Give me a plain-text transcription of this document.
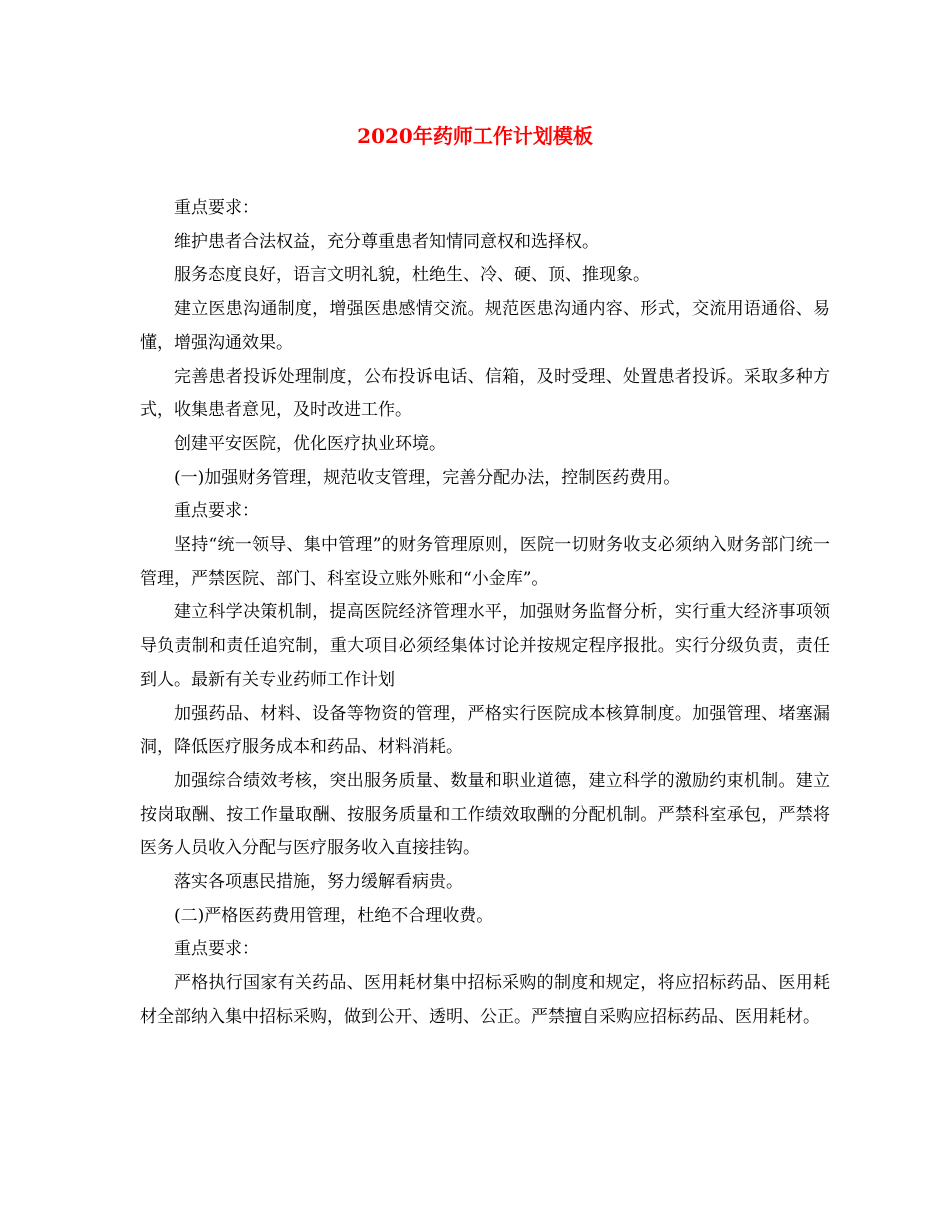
2020年药师工作计划模板

重点要求：

维护患者合法权益，充分尊重患者知情同意权和选择权。

服务态度良好，语言文明礼貌，杜绝生、冷、硬、顶、推现象。

建立医患沟通制度，增强医患感情交流。规范医患沟通内容、形式，交流用语通俗、易懂，增强沟通效果。

完善患者投诉处理制度，公布投诉电话、信箱，及时受理、处置患者投诉。采取多种方式，收集患者意见，及时改进工作。

创建平安医院，优化医疗执业环境。

(一)加强财务管理，规范收支管理，完善分配办法，控制医药费用。

重点要求：

坚持“统一领导、集中管理”的财务管理原则，医院一切财务收支必须纳入财务部门统一管理，严禁医院、部门、科室设立账外账和“小金库”。

建立科学决策机制，提高医院经济管理水平，加强财务监督分析，实行重大经济事项领导负责制和责任追究制，重大项目必须经集体讨论并按规定程序报批。实行分级负责，责任到人。最新有关专业药师工作计划

加强药品、材料、设备等物资的管理，严格实行医院成本核算制度。加强管理、堵塞漏洞，降低医疗服务成本和药品、材料消耗。

加强综合绩效考核，突出服务质量、数量和职业道德，建立科学的激励约束机制。建立按岗取酬、按工作量取酬、按服务质量和工作绩效取酬的分配机制。严禁科室承包，严禁将医务人员收入分配与医疗服务收入直接挂钩。

落实各项惠民措施，努力缓解看病贵。

(二)严格医药费用管理，杜绝不合理收费。

重点要求：

严格执行国家有关药品、医用耗材集中招标采购的制度和规定，将应招标药品、医用耗材全部纳入集中招标采购，做到公开、透明、公正。严禁擅自采购应招标药品、医用耗材。
